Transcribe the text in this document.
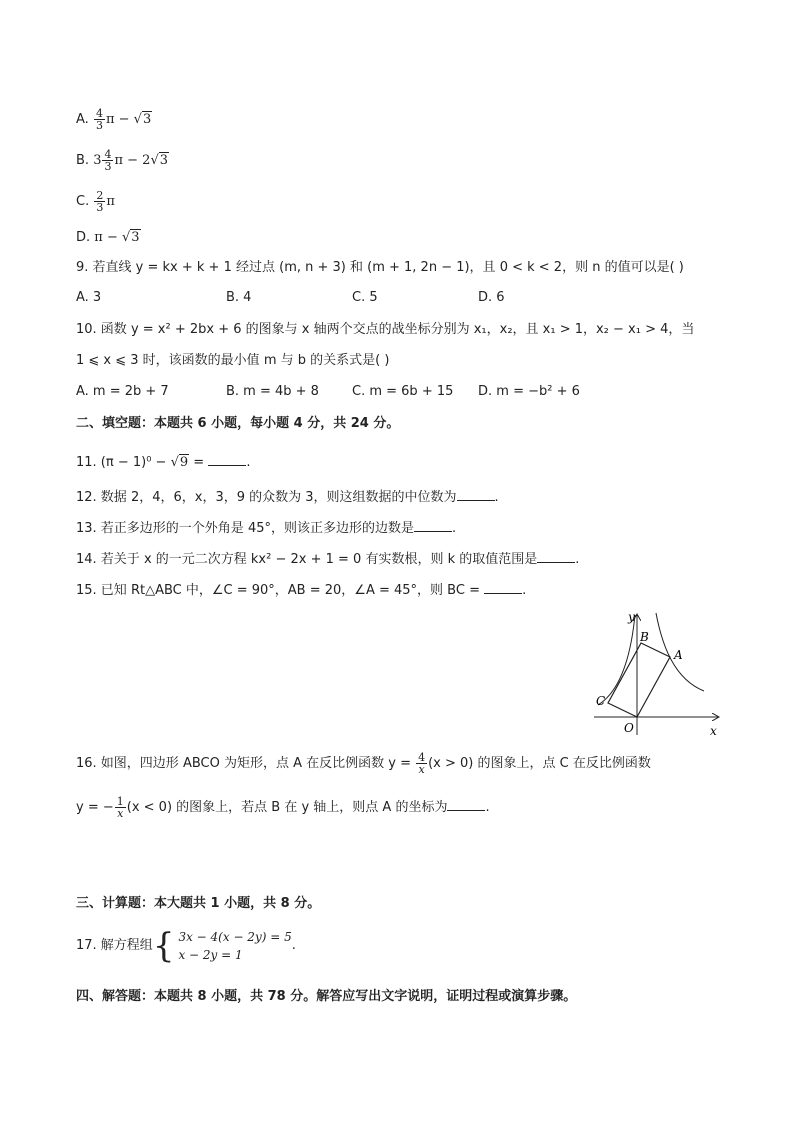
A. $\frac{4}{3}$ π − √3
B. $3 \frac{4}{3}$ π − 2√3
C. $\frac{2}{3}$ π
D. π − √3
9. 若直线 y = kx + k + 1 经过点 (m, n + 3) 和 (m + 1, 2n − 1)，且 0 < k < 2，则 n 的值可以是( )
A. 3	B. 4	C. 5	D. 6
10. 函数 y = x² + 2bx + 6 的图象与 x 轴两个交点的战坐标分别为 x₁，x₂，且 x₁ > 1，x₂ − x₁ > 4，当
1 ⩽ x ⩽ 3 时，该函数的最小值 m 与 b 的关系式是( )
A. m = 2b + 7	B. m = 4b + 8	C. m = 6b + 15 D. m = −b² + 6
二、填空题：本题共 6 小题，每小题 4 分，共 24 分。
11. (π − 1)⁰ − √9 =	.
12. 数据 2，4，6，x，3，9 的众数为 3，则这组数据的中位数为	.
13. 若正多边形的一个外角是 45°，则该正多边形的边数是	.
14. 若关于 x 的一元二次方程 kx² − 2x + 1 = 0 有实数根，则 k 的取值范围是	.
15. 已知 Rt△ABC 中，∠C = 90°，AB = 20，∠A = 45°，则 BC =	.
y
x
O
A
B
C
16. 如图，四边形 ABCO 为矩形，点 A 在反比例函数 $y = \frac{4}{x} (x > 0)$ 的图象上，点 C 在反比例函数
y = − $\frac{1}{x} (x < 0)$ 的图象上，若点 B 在 y 轴上，则点 A 的坐标为	.
三、计算题：本大题共 1 小题，共 8 分。
17. 解方程组{ 3x − 4(x − 2y) = 5
x − 2y = 1
.
四、解答题：本题共 8 小题，共 78 分。解答应写出文字说明，证明过程或演算步骤。
